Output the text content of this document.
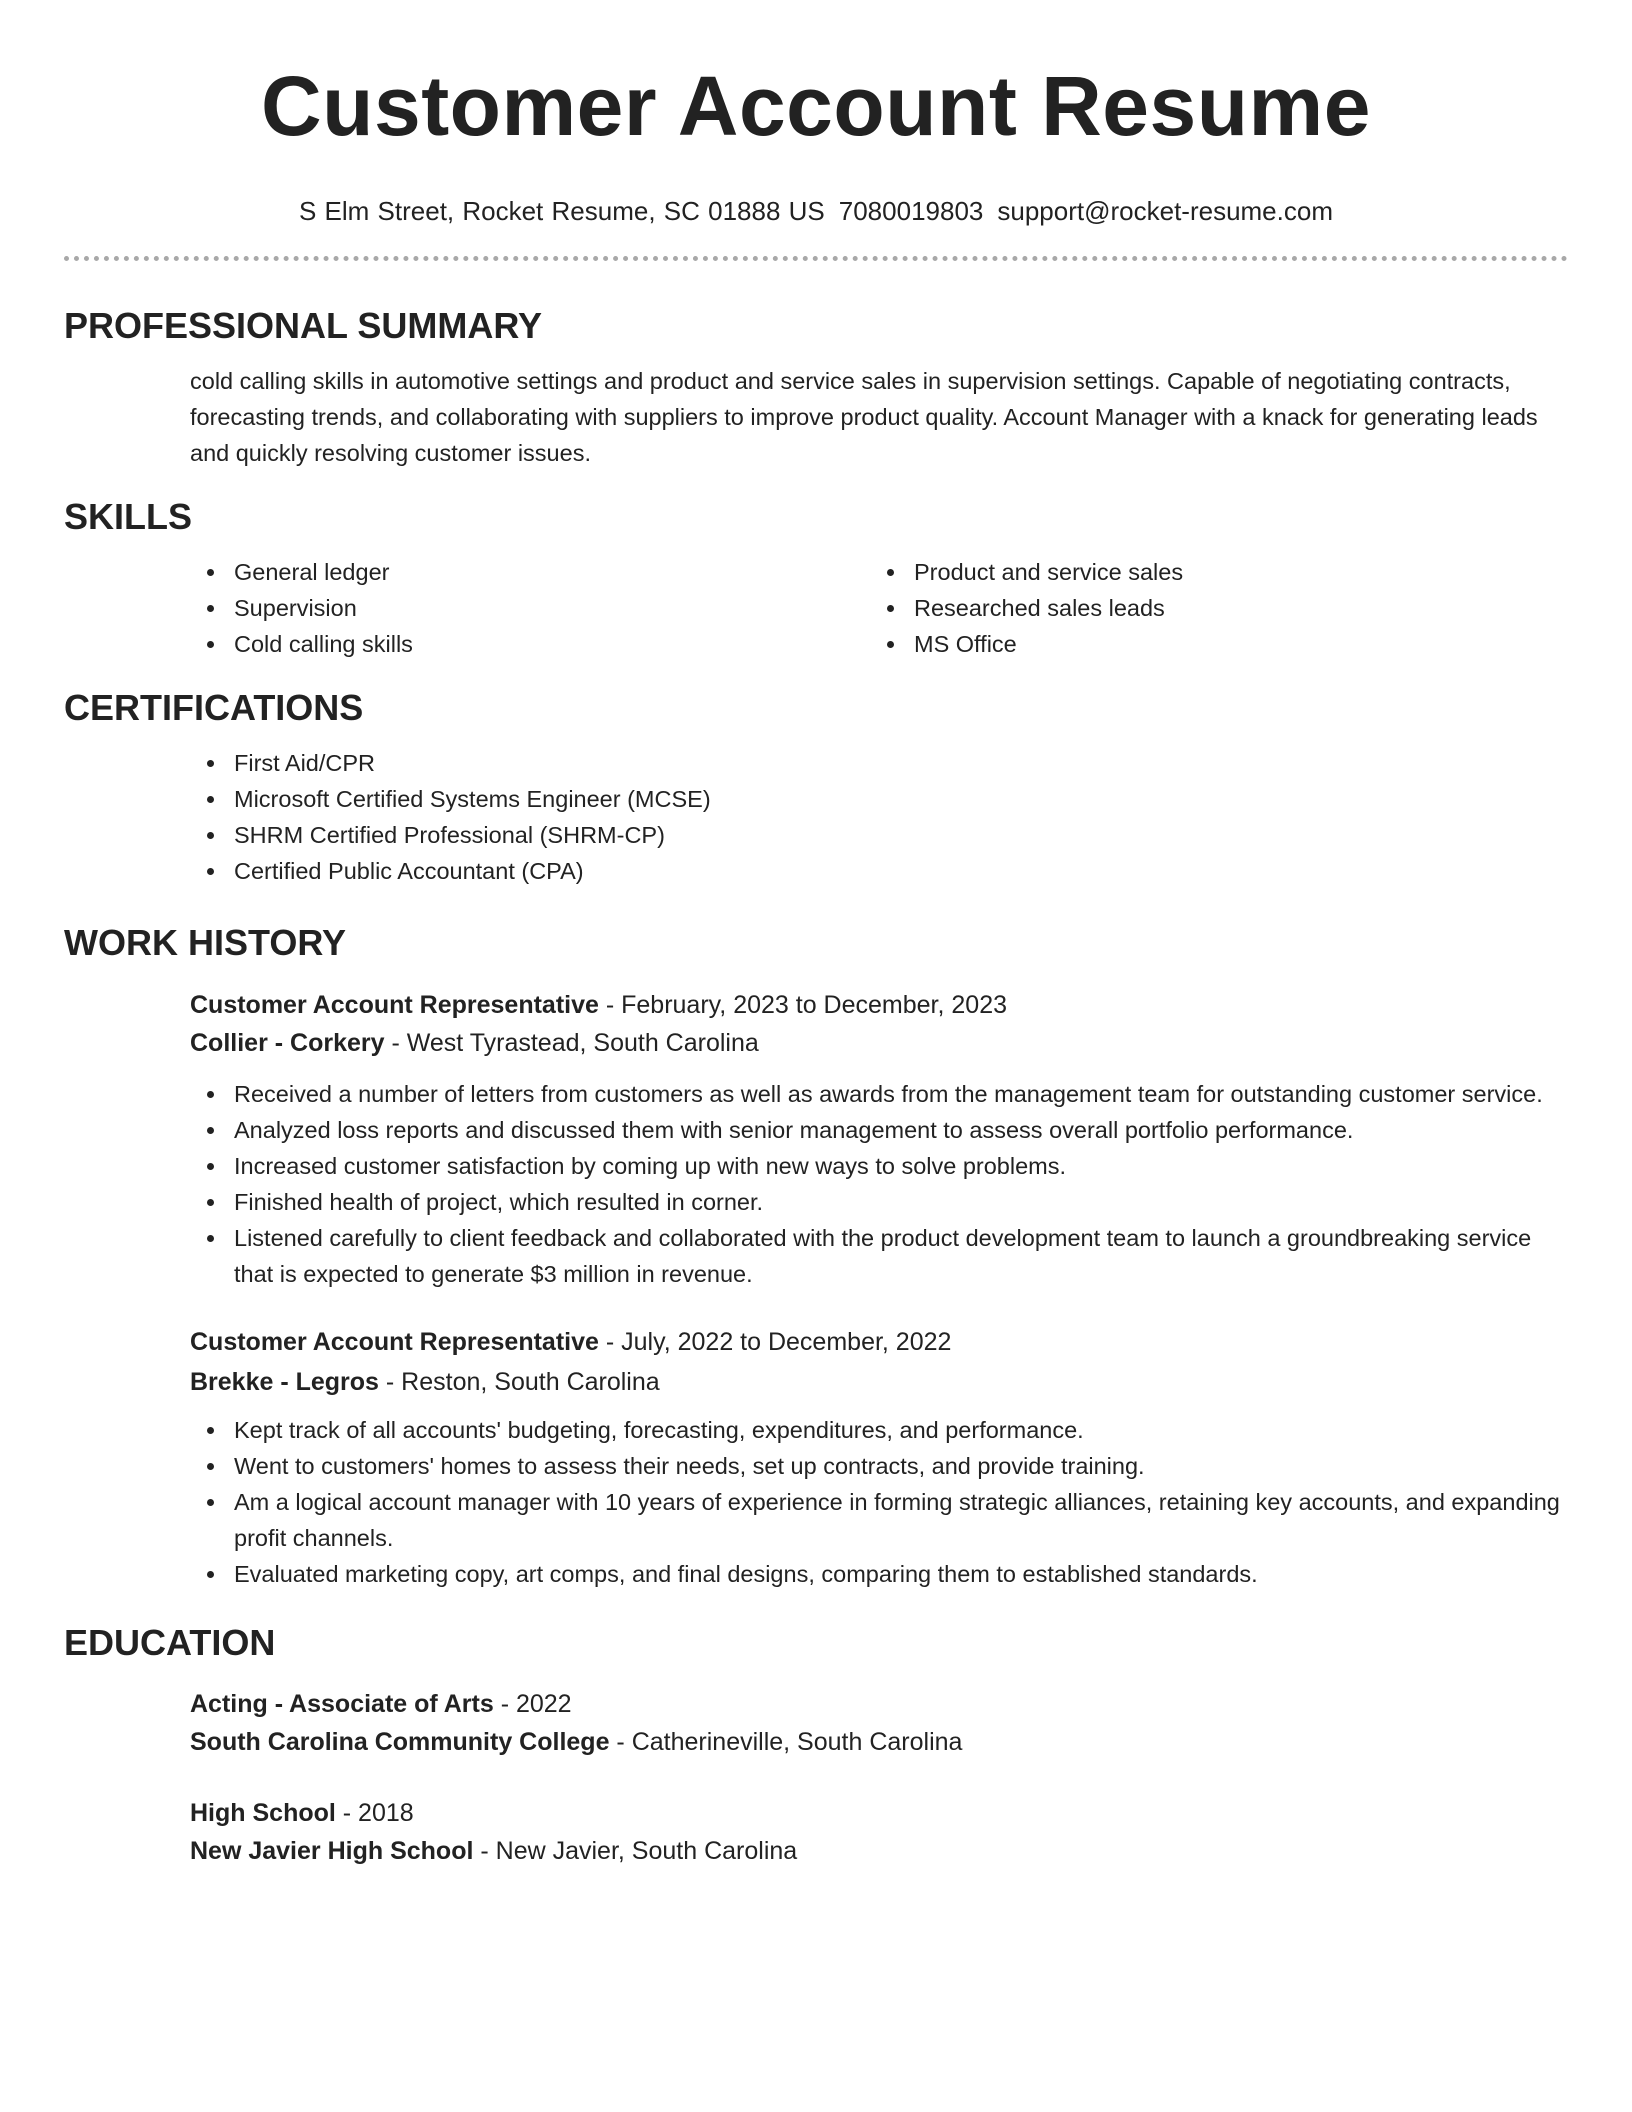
Customer Account Resume
S Elm Street, Rocket Resume, SC 01888 US 7080019803 support@rocket-resume.com
PROFESSIONAL SUMMARY

cold calling skills in automotive settings and product and service sales in supervision settings. Capable of negotiating contracts, forecasting trends, and collaborating with suppliers to improve product quality. Account Manager with a knack for generating leads and quickly resolving customer issues.

SKILLS
General ledger
Supervision
Cold calling skills
Product and service sales
Researched sales leads
MS Office
CERTIFICATIONS
First Aid/CPR
Microsoft Certified Systems Engineer (MCSE)
SHRM Certified Professional (SHRM-CP)
Certified Public Accountant (CPA)
WORK HISTORY
Customer Account Representative - February, 2023 to December, 2023
Collier - Corkery - West Tyrastead, South Carolina
Received a number of letters from customers as well as awards from the management team for outstanding customer service.
Analyzed loss reports and discussed them with senior management to assess overall portfolio performance.
Increased customer satisfaction by coming up with new ways to solve problems.
Finished health of project, which resulted in corner.
Listened carefully to client feedback and collaborated with the product development team to launch a groundbreaking service that is expected to generate $3 million in revenue.
Customer Account Representative - July, 2022 to December, 2022
Brekke - Legros - Reston, South Carolina
Kept track of all accounts' budgeting, forecasting, expenditures, and performance.
Went to customers' homes to assess their needs, set up contracts, and provide training.
Am a logical account manager with 10 years of experience in forming strategic alliances, retaining key accounts, and expanding profit channels.
Evaluated marketing copy, art comps, and final designs, comparing them to established standards.
EDUCATION
Acting - Associate of Arts - 2022
South Carolina Community College - Catherineville, South Carolina
High School - 2018
New Javier High School - New Javier, South Carolina
